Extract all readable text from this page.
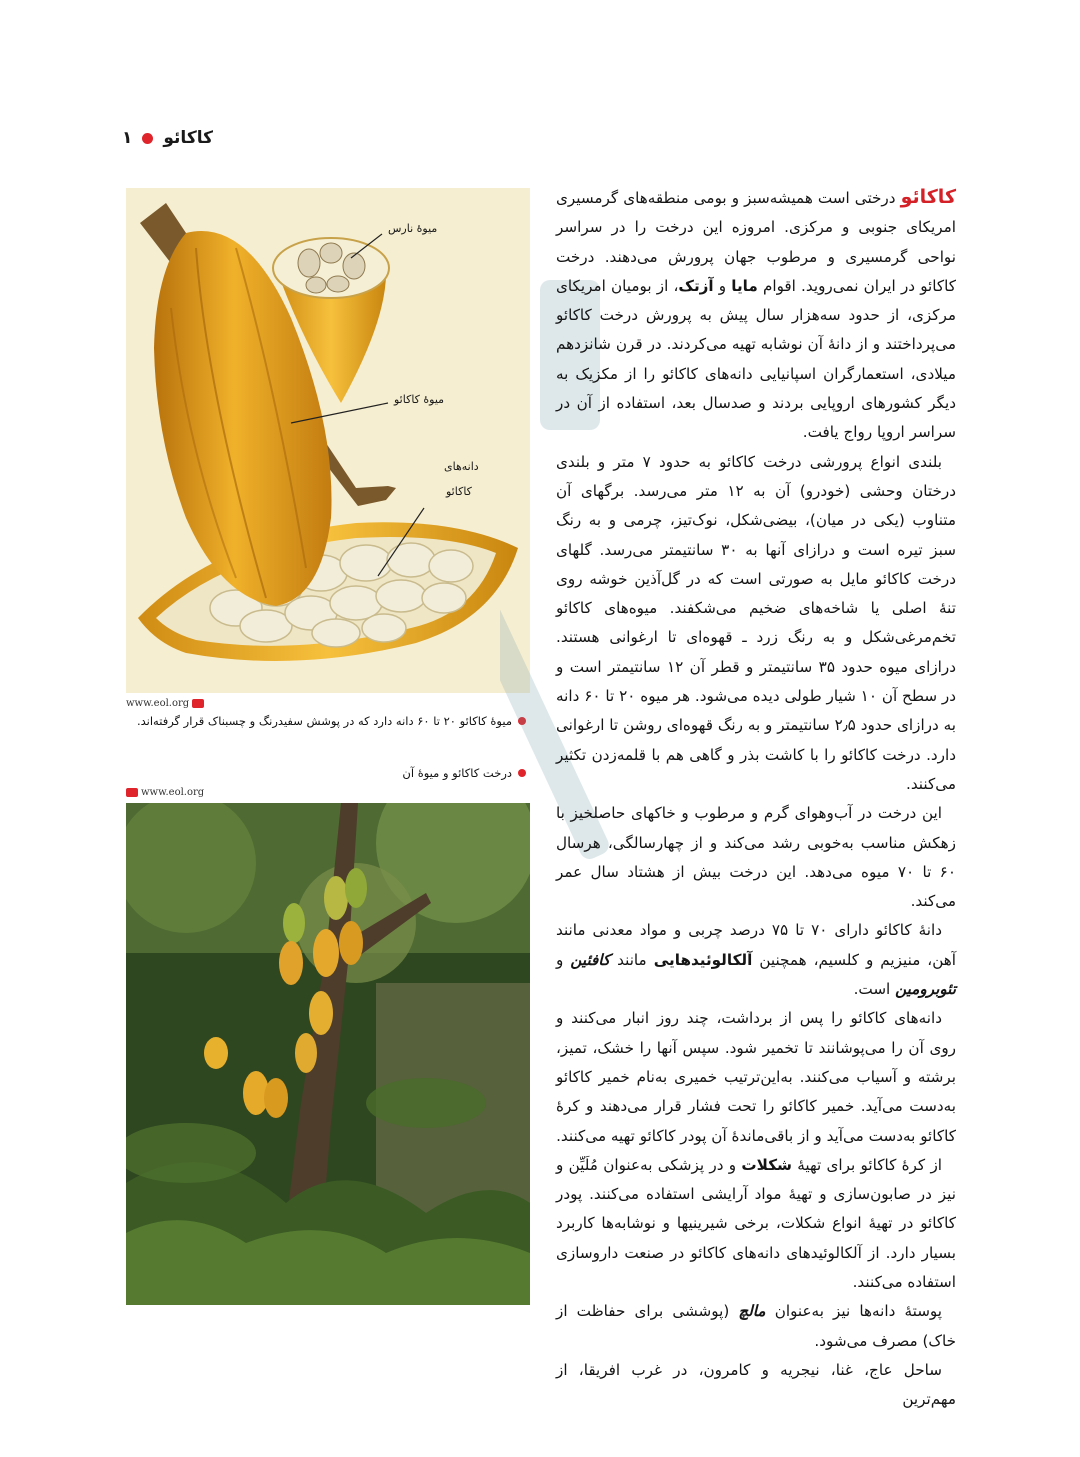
۱ کاکائو
میوهٔ نارس
میوهٔ کاکائو
دانه‌های
کاکائو
www.eol.org
میوهٔ کاکائو ۲۰ تا ۶۰ دانه دارد که در پوشش سفیدرنگ و چسبناک قرار گرفته‌اند.
درخت کاکائو و میوهٔ آن
www.eol.org

کاکائو درختی است همیشه‌سبز و بومی منطقه‌های گرمسیری امریکای جنوبی و مرکزی. امروزه این درخت را در سراسر نواحی گرمسیری و مرطوب جهان پرورش می‌دهند. درخت کاکائو در ایران نمی‌روید. اقوام مایا و آزتک، از بومیان امریکای مرکزی، از حدود سه‌هزار سال پیش به پرورش درخت کاکائو می‌پرداختند و از دانهٔ آن نوشابه تهیه می‌کردند. در قرن شانزدهم میلادی، استعمارگران اسپانیایی دانه‌های کاکائو را از مکزیک به دیگر کشورهای اروپایی بردند و صدسال بعد، استفاده از آن در سراسر اروپا رواج یافت.

بلندی انواع پرورشی درخت کاکائو به حدود ۷ متر و بلندی درختان وحشی (خودرو) آن به ۱۲ متر می‌رسد. برگهای آن متناوب (یکی در میان)، بیضی‌شکل، نوک‌تیز، چرمی و به رنگ سبز تیره است و درازای آنها به ۳۰ سانتیمتر می‌رسد. گلهای درخت کاکائو مایل به صورتی است که در گل‌آذین خوشه روی تنهٔ اصلی یا شاخه‌های ضخیم می‌شکفند. میوه‌های کاکائو تخم‌مرغی‌شکل و به رنگ زرد ـ قهوه‌ای تا ارغوانی هستند. درازای میوه حدود ۳۵ سانتیمتر و قطر آن ۱۲ سانتیمتر است و در سطح آن ۱۰ شیار طولی دیده می‌شود. هر میوه ۲۰ تا ۶۰ دانه به درازای حدود ۲٫۵ سانتیمتر و به رنگ قهوه‌ای روشن تا ارغوانی دارد. درخت کاکائو را با کاشت بذر و گاهی هم با قلمه‌زدن تکثیر می‌کنند.

این درخت در آب‌وهوای گرم و مرطوب و خاکهای حاصلخیز با زهکش مناسب به‌خوبی رشد می‌کند و از چهارسالگی، هرسال ۶۰ تا ۷۰ میوه می‌دهد. این درخت بیش از هشتاد سال عمر می‌کند.

دانهٔ کاکائو دارای ۷۰ تا ۷۵ درصد چربی و مواد معدنی مانند آهن، منیزیم و کلسیم، همچنین آلکالوئیدهایی مانند کافئین و تئوبرومین است.

دانه‌های کاکائو را پس از برداشت، چند روز انبار می‌کنند و روی آن را می‌پوشانند تا تخمیر شود. سپس آنها را خشک، تمیز، برشته و آسیاب می‌کنند. به‌این‌ترتیب خمیری به‌نام خمیر کاکائو به‌دست می‌آید. خمیر کاکائو را تحت فشار قرار می‌دهند و کرهٔ کاکائو به‌دست می‌آید و از باقی‌ماندهٔ آن پودر کاکائو تهیه می‌کنند.

از کرهٔ کاکائو برای تهیهٔ شکلات و در پزشکی به‌عنوان مُلَیِّن و نیز در صابون‌سازی و تهیهٔ مواد آرایشی استفاده می‌کنند. پودر کاکائو در تهیهٔ انواع شکلات، برخی شیرینیها و نوشابه‌ها کاربرد بسیار دارد. از آلکالوئیدهای دانه‌های کاکائو در صنعت داروسازی استفاده می‌کنند.

پوستهٔ دانه‌ها نیز به‌عنوان مالچ (پوششی برای حفاظت از خاک) مصرف می‌شود.

ساحل عاج، غنا، نیجریه و کامرون، در غرب افریقا، از مهم‌ترین
